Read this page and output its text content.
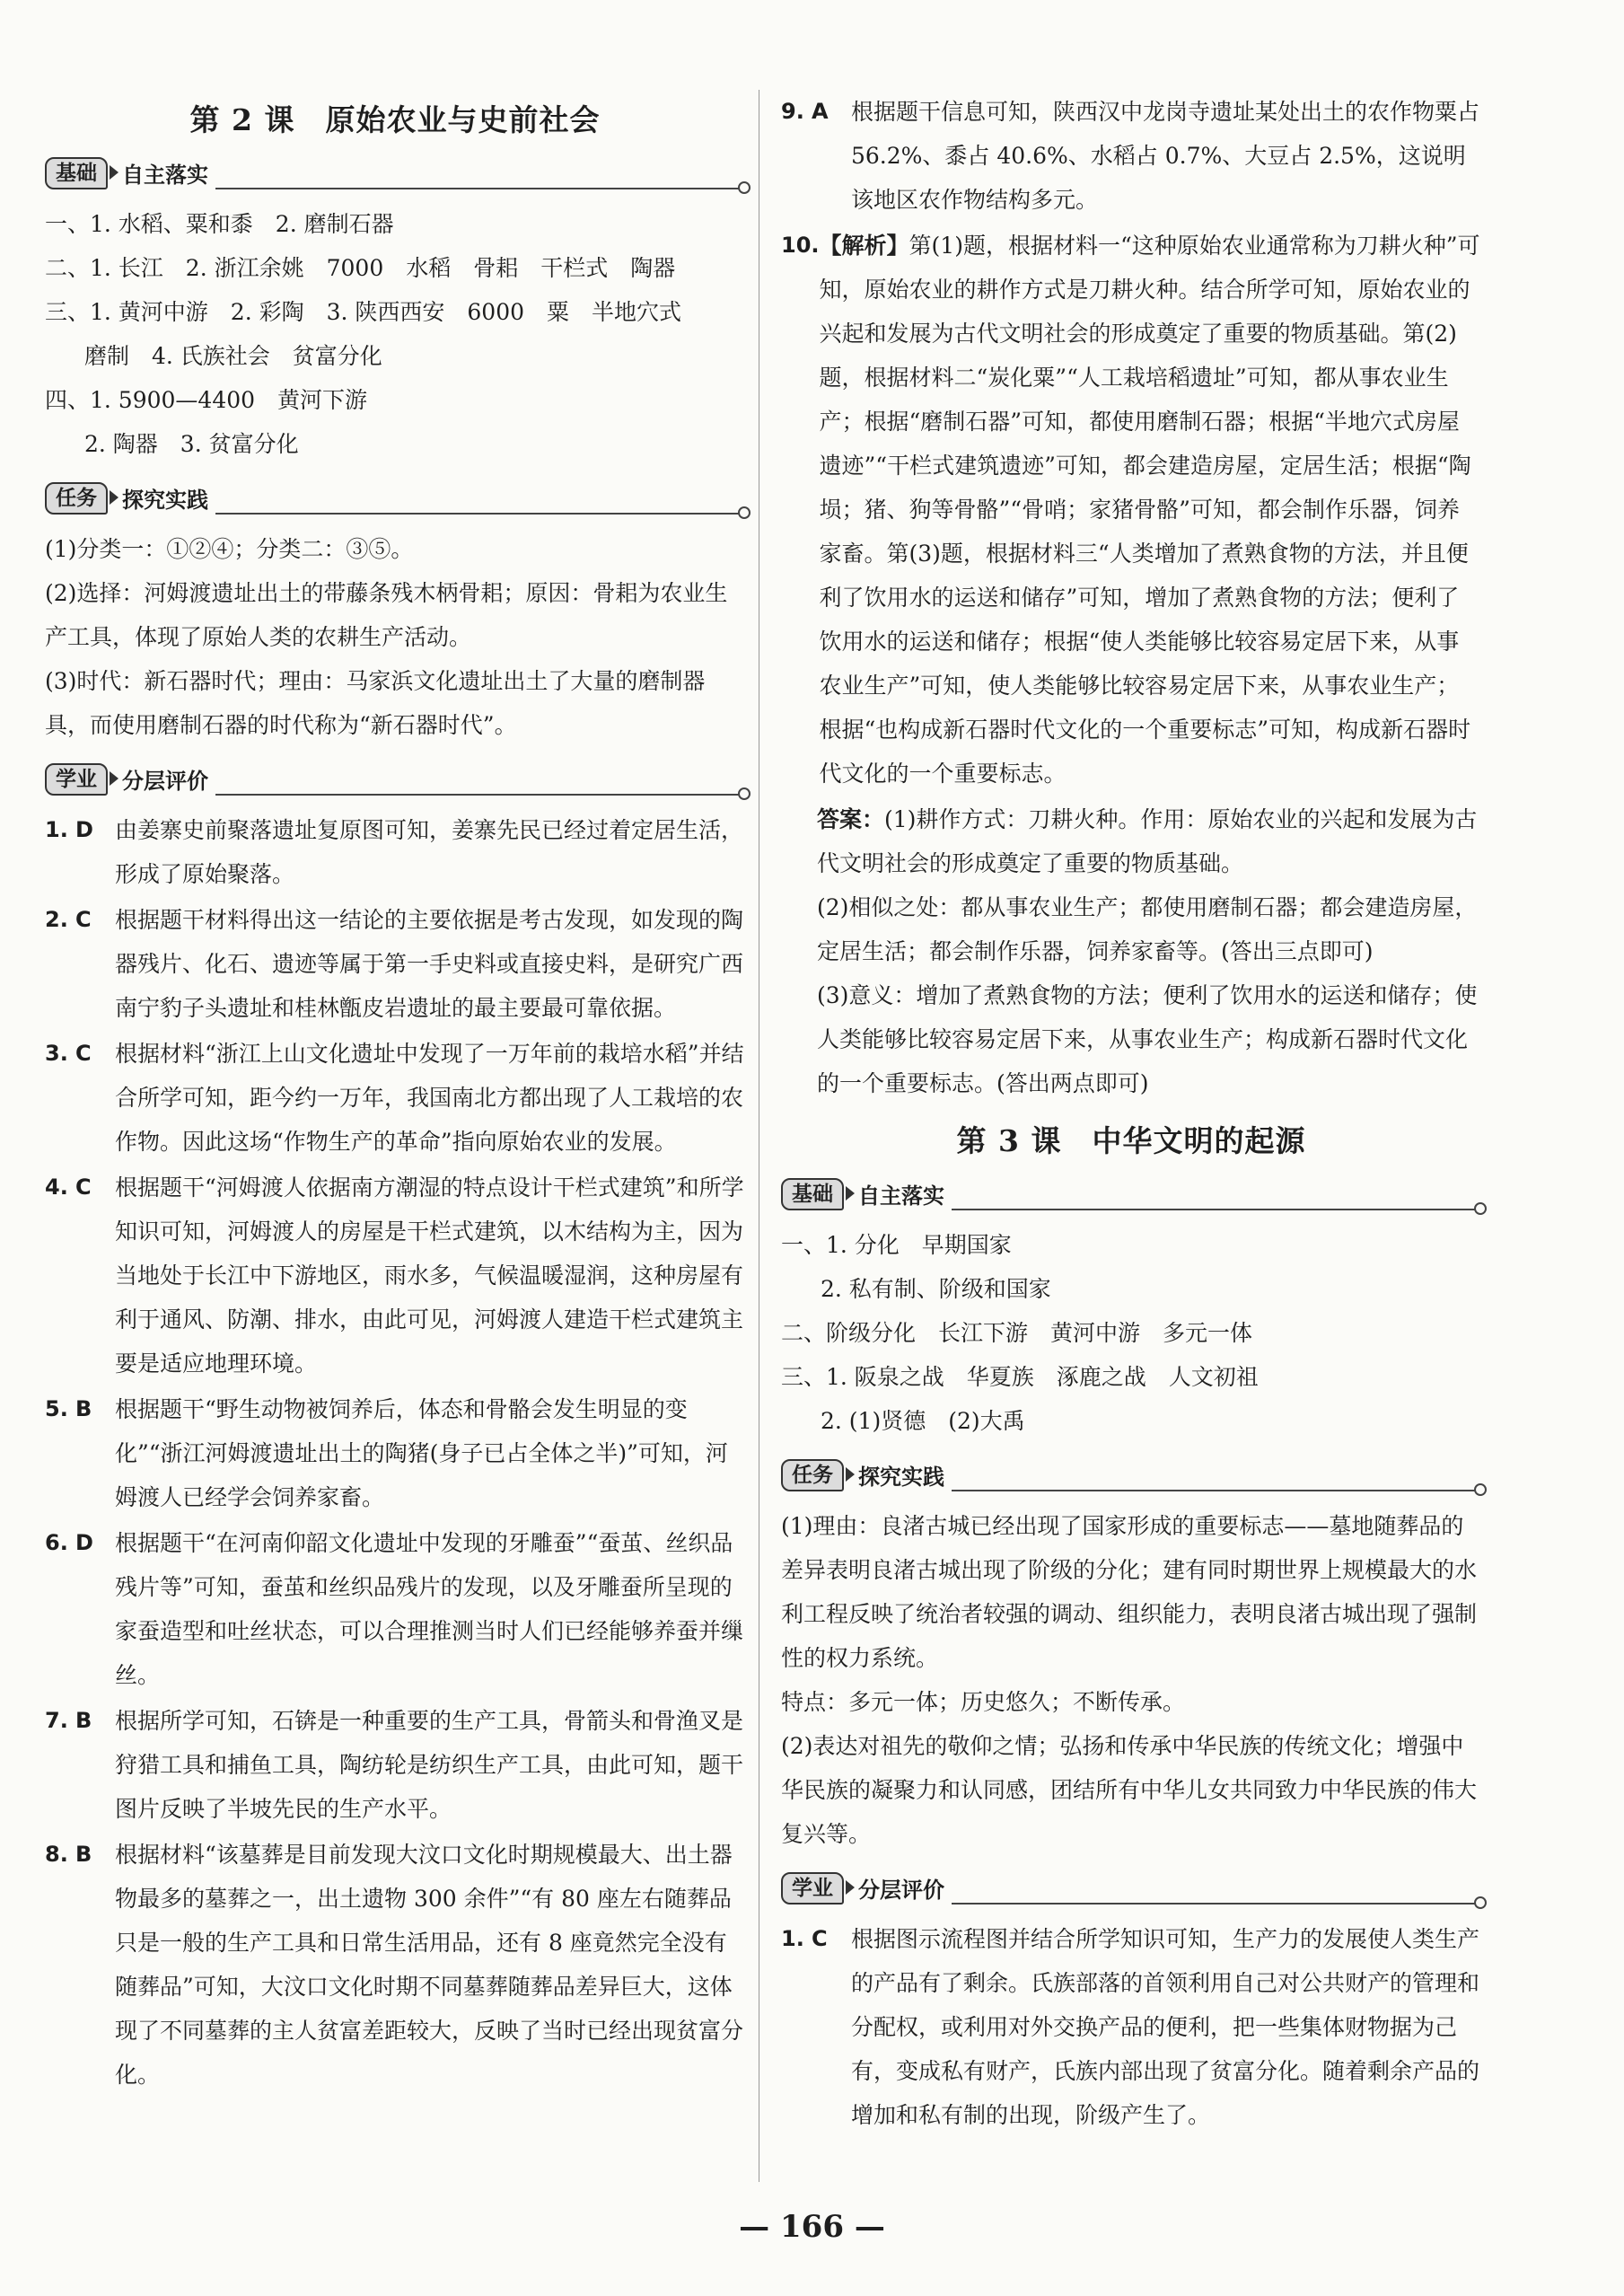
第 2 课　原始农业与史前社会
基础	自主落实

一、1. 水稻、粟和黍　2. 磨制石器

二、1. 长江　2. 浙江余姚　7000　水稻　骨耜　干栏式　陶器

三、1. 黄河中游　2. 彩陶　3. 陕西西安　6000　粟　半地穴式

磨制　4. 氏族社会　贫富分化

四、1. 5900—4400　黄河下游

2. 陶器　3. 贫富分化

任务	探究实践

(1)分类一：①②④；分类二：③⑤。

(2)选择：河姆渡遗址出土的带藤条残木柄骨耜；原因：骨耜为农业生产工具，体现了原始人类的农耕生产活动。

(3)时代：新石器时代；理由：马家浜文化遗址出土了大量的磨制器具，而使用磨制石器的时代称为“新石器时代”。

学业	分层评价
1. D 由姜寨史前聚落遗址复原图可知，姜寨先民已经过着定居生活，形成了原始聚落。
2. C	根据题干材料得出这一结论的主要依据是考古发现，如发现的陶器残片、化石、遗迹等属于第一手史料或直接史料，是研究广西南宁豹子头遗址和桂林甑皮岩遗址的最主要最可靠依据。
3. C	根据材料“浙江上山文化遗址中发现了一万年前的栽培水稻”并结合所学可知，距今约一万年，我国南北方都出现了人工栽培的农作物。因此这场“作物生产的革命”指向原始农业的发展。
4. C	根据题干“河姆渡人依据南方潮湿的特点设计干栏式建筑”和所学知识可知，河姆渡人的房屋是干栏式建筑，以木结构为主，因为当地处于长江中下游地区，雨水多，气候温暖湿润，这种房屋有利于通风、防潮、排水，由此可见，河姆渡人建造干栏式建筑主要是适应地理环境。
5. B	根据题干“野生动物被饲养后，体态和骨骼会发生明显的变化”“浙江河姆渡遗址出土的陶猪(身子已占全体之半)”可知，河姆渡人已经学会饲养家畜。
6. D 根据题干“在河南仰韶文化遗址中发现的牙雕蚕”“蚕茧、丝织品残片等”可知，蚕茧和丝织品残片的发现，以及牙雕蚕所呈现的家蚕造型和吐丝状态，可以合理推测当时人们已经能够养蚕并缫丝。
7. B	根据所学可知，石锛是一种重要的生产工具，骨箭头和骨渔叉是狩猎工具和捕鱼工具，陶纺轮是纺织生产工具，由此可知，题干图片反映了半坡先民的生产水平。
8. B	根据材料“该墓葬是目前发现大汶口文化时期规模最大、出土器物最多的墓葬之一，出土遗物 300 余件”“有 80 座左右随葬品只是一般的生产工具和日常生活用品，还有 8 座竟然完全没有随葬品”可知，大汶口文化时期不同墓葬随葬品差异巨大，这体现了不同墓葬的主人贫富差距较大，反映了当时已经出现贫富分化。
9. A	根据题干信息可知，陕西汉中龙岗寺遗址某处出土的农作物粟占 56.2%、黍占 40.6%、水稻占 0.7%、大豆占 2.5%，这说明该地区农作物结构多元。
10. 【解析】第(1)题，根据材料一“这种原始农业通常称为刀耕火种”可知，原始农业的耕作方式是刀耕火种。结合所学可知，原始农业的兴起和发展为古代文明社会的形成奠定了重要的物质基础。第(2)题，根据材料二“炭化粟”“人工栽培稻遗址”可知，都从事农业生产；根据“磨制石器”可知，都使用磨制石器；根据“半地穴式房屋遗迹”“干栏式建筑遗迹”可知，都会建造房屋，定居生活；根据“陶埙；猪、狗等骨骼”“骨哨；家猪骨骼”可知，都会制作乐器，饲养家畜。第(3)题，根据材料三“人类增加了煮熟食物的方法，并且便利了饮用水的运送和储存”可知，增加了煮熟食物的方法；便利了饮用水的运送和储存；根据“使人类能够比较容易定居下来，从事农业生产”可知，使人类能够比较容易定居下来，从事农业生产；根据“也构成新石器时代文化的一个重要标志”可知，构成新石器时代文化的一个重要标志。

答案：(1)耕作方式：刀耕火种。作用：原始农业的兴起和发展为古代文明社会的形成奠定了重要的物质基础。

(2)相似之处：都从事农业生产；都使用磨制石器；都会建造房屋，定居生活；都会制作乐器，饲养家畜等。(答出三点即可)

(3)意义：增加了煮熟食物的方法；便利了饮用水的运送和储存；使人类能够比较容易定居下来，从事农业生产；构成新石器时代文化的一个重要标志。(答出两点即可)

第 3 课　中华文明的起源
基础	自主落实

一、1. 分化　早期国家

2. 私有制、阶级和国家

二、阶级分化　长江下游　黄河中游　多元一体

三、1. 阪泉之战　华夏族　涿鹿之战　人文初祖

2. (1)贤德　(2)大禹

任务	探究实践

(1)理由：良渚古城已经出现了国家形成的重要标志——墓地随葬品的差异表明良渚古城出现了阶级的分化；建有同时期世界上规模最大的水利工程反映了统治者较强的调动、组织能力，表明良渚古城出现了强制性的权力系统。

特点：多元一体；历史悠久；不断传承。

(2)表达对祖先的敬仰之情；弘扬和传承中华民族的传统文化；增强中华民族的凝聚力和认同感，团结所有中华儿女共同致力中华民族的伟大复兴等。

学业	分层评价
1. C	根据图示流程图并结合所学知识可知，生产力的发展使人类生产的产品有了剩余。氏族部落的首领利用自己对公共财产的管理和分配权，或利用对外交换产品的便利，把一些集体财物据为己有，变成私有财产，氏族内部出现了贫富分化。随着剩余产品的增加和私有制的出现，阶级产生了。
— 166 —
